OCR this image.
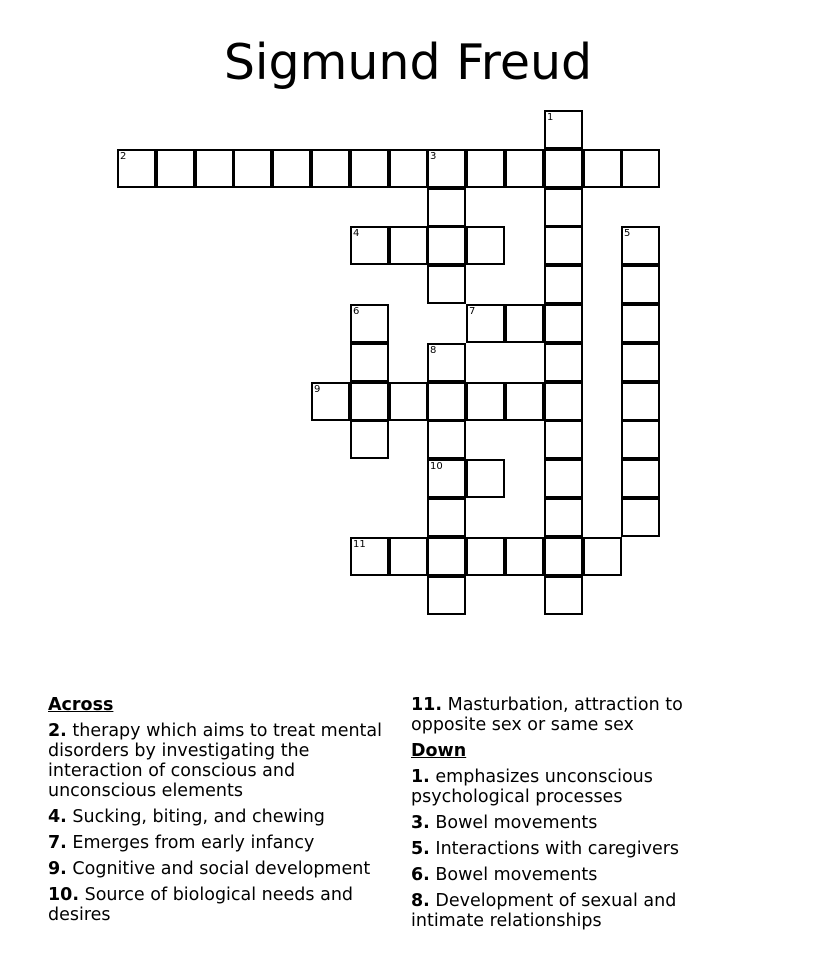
Sigmund Freud
2	3
4
7
9
10
11
1
5
6
8
Across
2. therapy which aims to treat mental disorders by investigating the interaction of conscious and unconscious elements
4. Sucking, biting, and chewing
7. Emerges from early infancy
9. Cognitive and social development
10. Source of biological needs and desires
11. Masturbation, attraction to opposite sex or same sex
Down
1. emphasizes unconscious psychological processes
3. Bowel movements
5. Interactions with caregivers
6. Bowel movements
8. Development of sexual and intimate relationships
